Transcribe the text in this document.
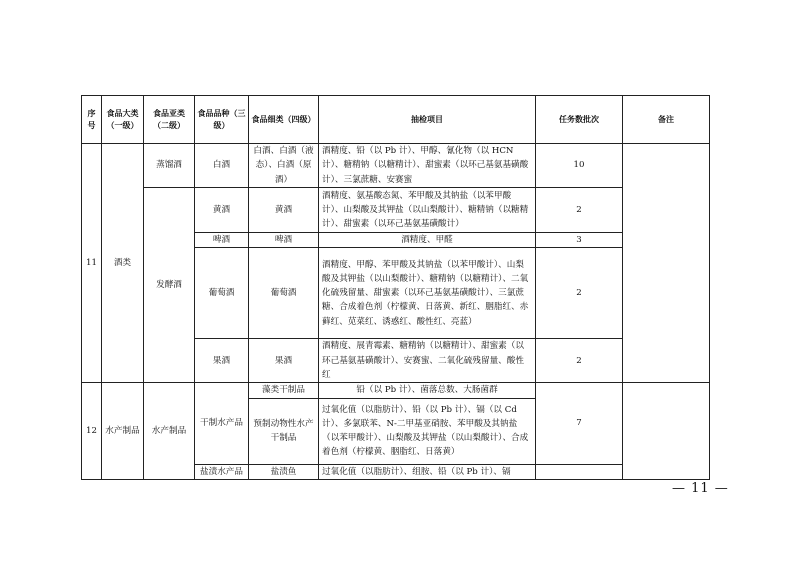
序号	食品大类（一级）	食品亚类（二级）	食品品种（三级）	食品细类（四级）	抽检项目	任务数批次	备注
11	酒类	蒸馏酒	白酒	白酒、白酒（液态）、白酒（原酒）	酒精度、铅（以 Pb 计）、甲醇、氰化物（以 HCN 计）、糖精钠（以糖精计）、甜蜜素（以环己基氨基磺酸计）、三氯蔗糖、安赛蜜	10	
		发酵酒	黄酒	黄酒	酒精度、氨基酸态氮、苯甲酸及其钠盐（以苯甲酸计）、山梨酸及其钾盐（以山梨酸计）、糖精钠（以糖精计）、甜蜜素（以环己基氨基磺酸计）	2	
			啤酒	啤酒	酒精度、甲醛	3	
			葡萄酒	葡萄酒	酒精度、甲醇、苯甲酸及其钠盐（以苯甲酸计）、山梨酸及其钾盐（以山梨酸计）、糖精钠（以糖精计）、二氧化硫残留量、甜蜜素（以环己基氨基磺酸计）、三氯蔗糖、合成着色剂（柠檬黄、日落黄、新红、胭脂红、赤藓红、苋菜红、诱惑红、酸性红、亮蓝）	2	
			果酒	果酒	酒精度、展青霉素、糖精钠（以糖精计）、甜蜜素（以环己基氨基磺酸计）、安赛蜜、二氧化硫残留量、酸性红	2	
12	水产制品	水产制品	干制水产品	藻类干制品	铅（以 Pb 计）、菌落总数、大肠菌群	7	
				预制动物性水产干制品	过氧化值（以脂肪计）、铅（以 Pb 计）、镉（以 Cd 计）、多氯联苯、N-二甲基亚硝胺、苯甲酸及其钠盐（以苯甲酸计）、山梨酸及其钾盐（以山梨酸计）、合成着色剂（柠檬黄、胭脂红、日落黄）		
			盐渍水产品	盐渍鱼	过氧化值（以脂肪计）、组胺、铅（以 Pb 计）、镉		
— 11 —
